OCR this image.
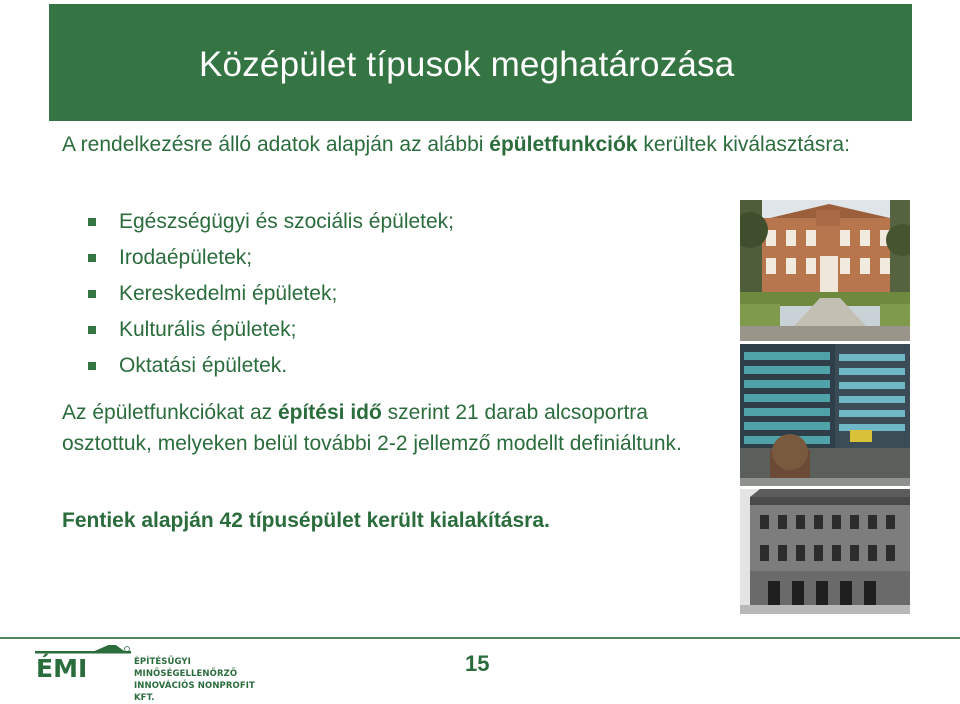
Középület típusok meghatározása

A rendelkezésre álló adatok alapján az alábbi épületfunkciók kerültek kiválasztásra:

Egészségügyi és szociális épületek;
Irodaépületek;
Kereskedelmi épületek;
Kulturális épületek;
Oktatási épületek.

Az épületfunkciókat az építési idő szerint 21 darab alcsoportra osztottuk, melyeken belül további 2-2 jellemző modellt definiáltunk.

Fentiek alapján 42 típusépület került kialakításra.

ÉMI	ÉPÍTÉSÜGYI MINŐSÉGELLENŐRZŐ
INNOVÁCIÓS NONPROFIT KFT.
15
